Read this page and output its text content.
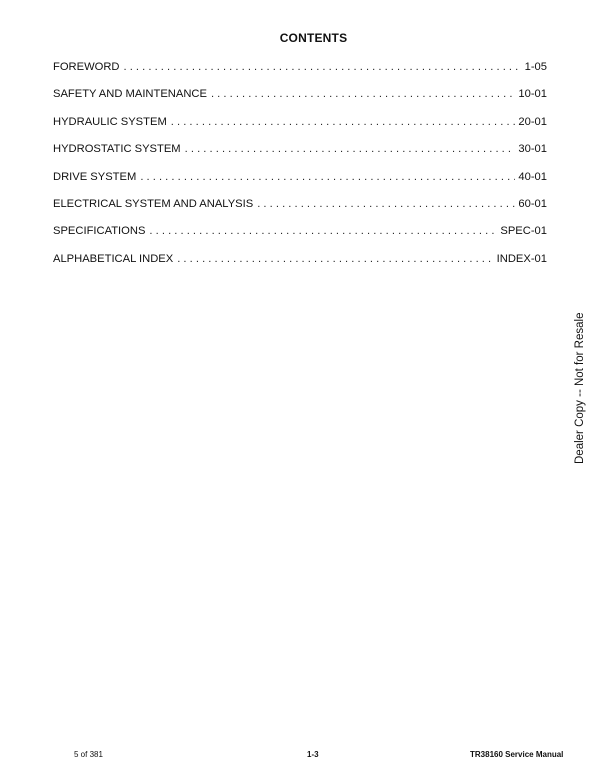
CONTENTS
FOREWORD . . .	1-05
SAFETY AND MAINTENANCE . . .	10-01
HYDRAULIC SYSTEM . . .	20-01
HYDROSTATIC SYSTEM . . .	30-01
DRIVE SYSTEM . . .	40-01
ELECTRICAL SYSTEM AND ANALYSIS . . .	60-01
SPECIFICATIONS . . .	SPEC-01
ALPHABETICAL INDEX . . .	INDEX-01
Dealer Copy -- Not for Resale
5 of 381	1-3	TR38160 Service Manual
